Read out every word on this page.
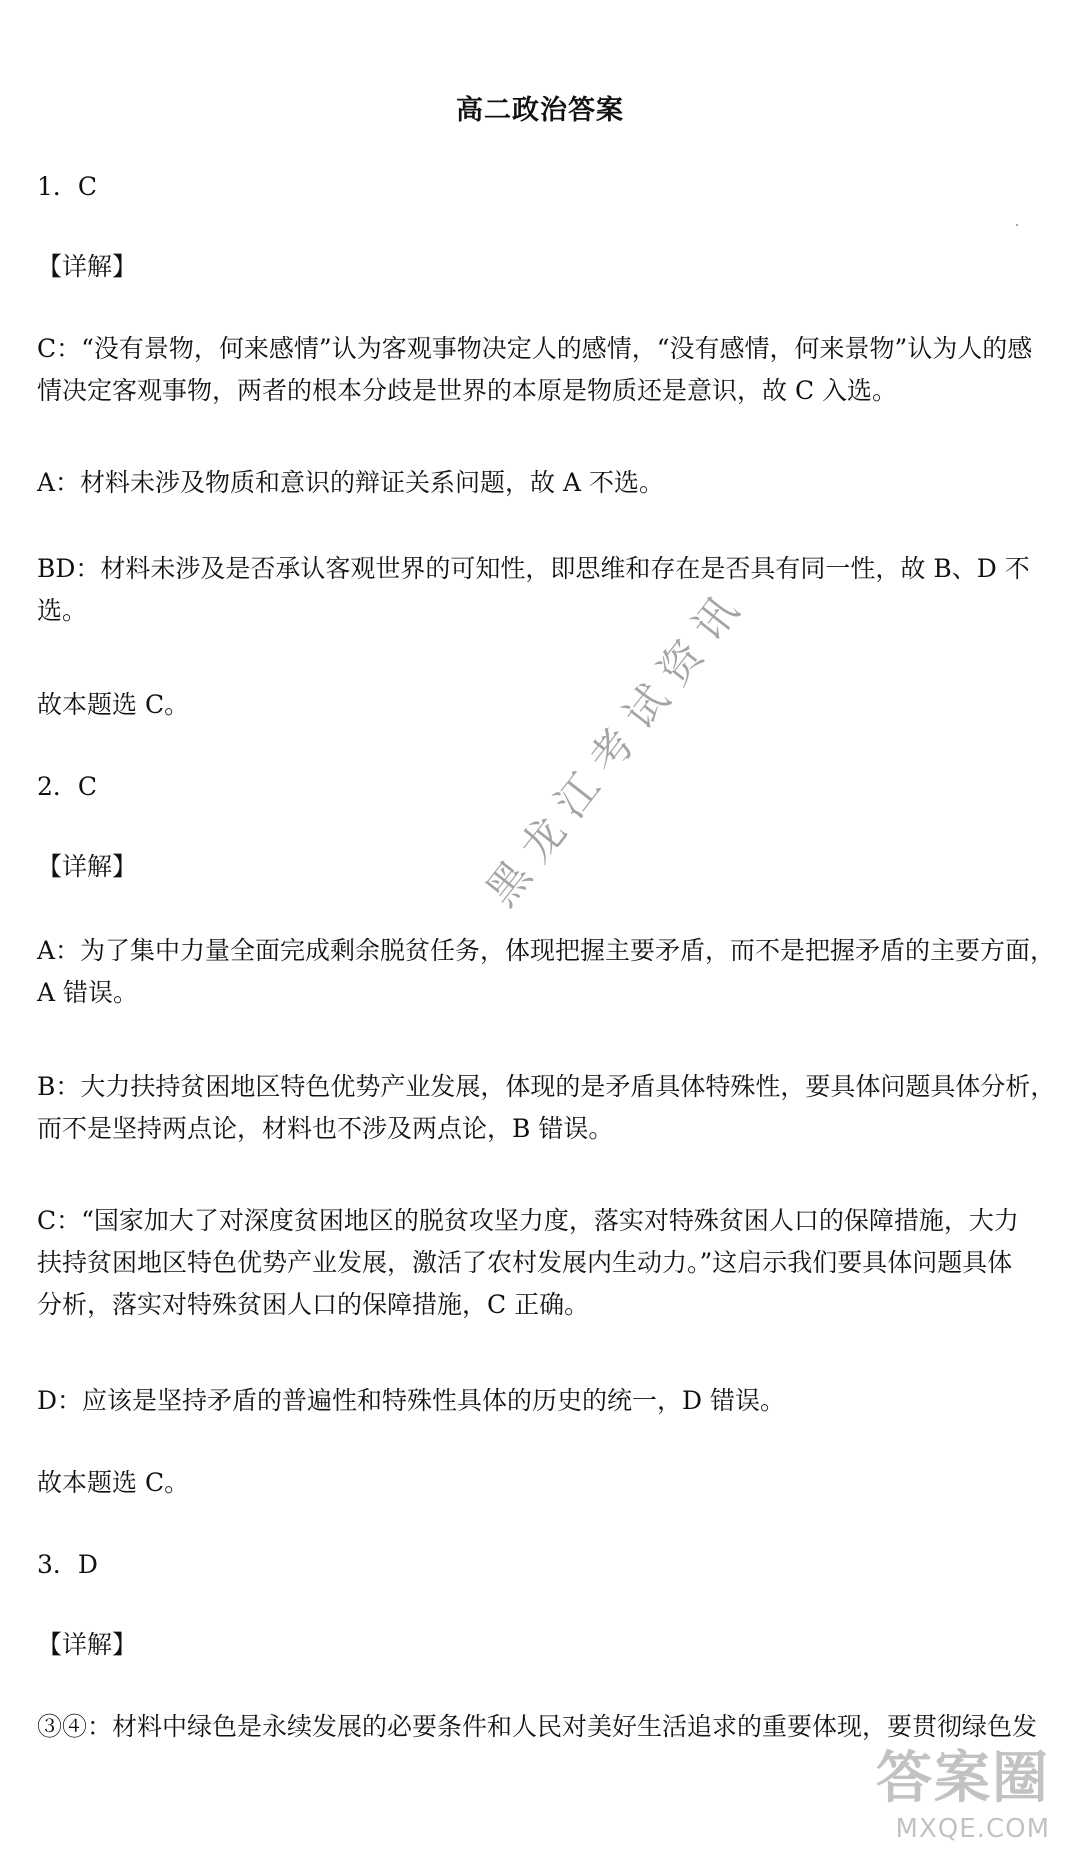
高二政治答案

1．C

【详解】

C：“没有景物，何来感情”认为客观事物决定人的感情，“没有感情，何来景物”认为人的感
情决定客观事物，两者的根本分歧是世界的本原是物质还是意识，故 C 入选。

A：材料未涉及物质和意识的辩证关系问题，故 A 不选。

BD：材料未涉及是否承认客观世界的可知性，即思维和存在是否具有同一性，故 B、D 不
选。

故本题选 C。

2．C

【详解】

A：为了集中力量全面完成剩余脱贫任务，体现把握主要矛盾，而不是把握矛盾的主要方面，
A 错误。

B：大力扶持贫困地区特色优势产业发展，体现的是矛盾具体特殊性，要具体问题具体分析，
而不是坚持两点论，材料也不涉及两点论，B 错误。

C：“国家加大了对深度贫困地区的脱贫攻坚力度，落实对特殊贫困人口的保障措施，大力
扶持贫困地区特色优势产业发展，激活了农村发展内生动力。”这启示我们要具体问题具体
分析，落实对特殊贫困人口的保障措施，C 正确。

D：应该是坚持矛盾的普遍性和特殊性具体的历史的统一，D 错误。

故本题选 C。

3．D

【详解】

③④：材料中绿色是永续发展的必要条件和人民对美好生活追求的重要体现，要贯彻绿色发

黑龙江考试资讯
答案圈
MXQE.COM
